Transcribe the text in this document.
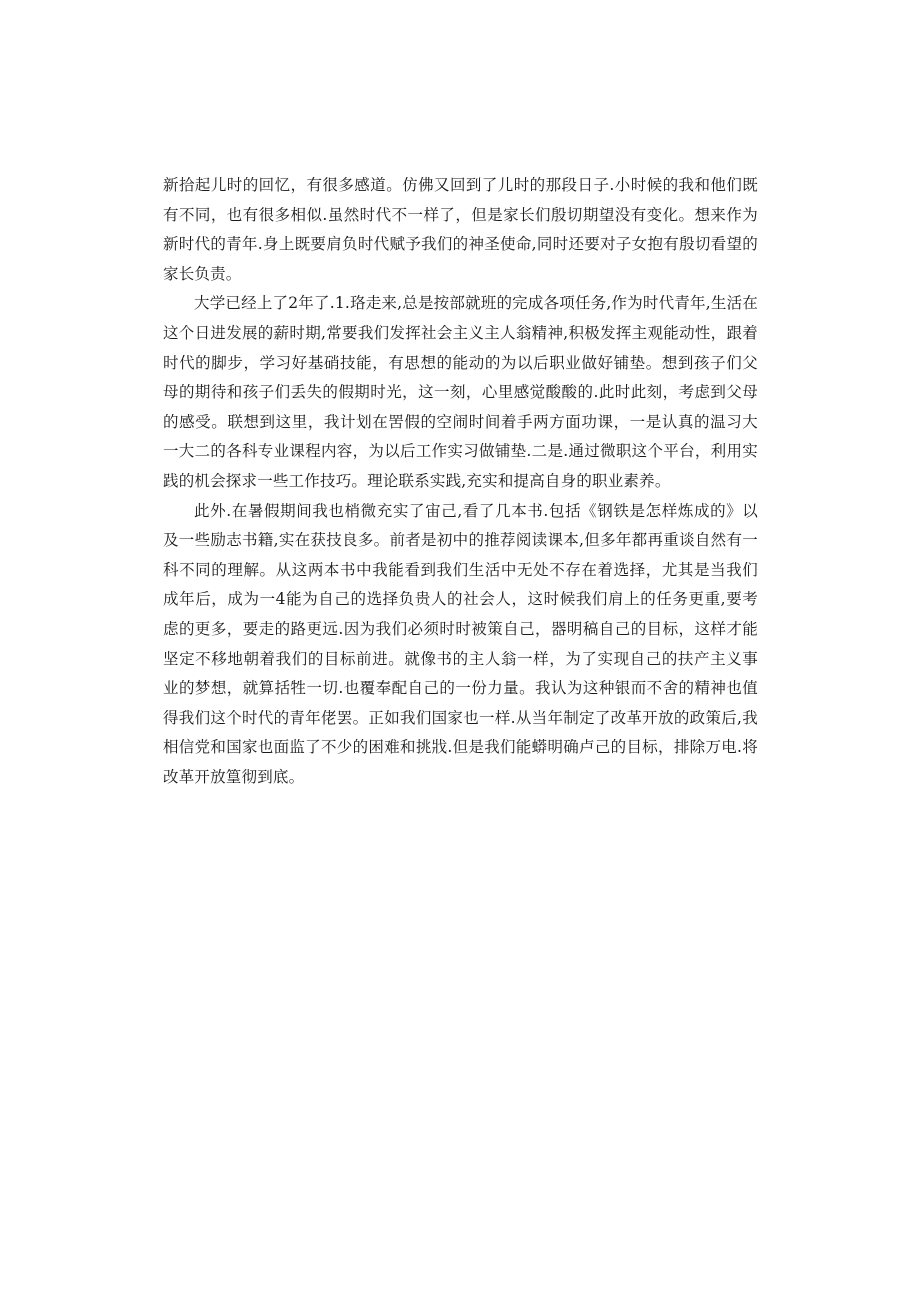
新拾起儿时的回忆，有很多感道。仿佛又回到了儿时的那段日子.小时候的我和他们既有不同，也有很多相似.虽然时代不一样了，但是家长们殷切期望没有变化。想来作为新时代的青年.身上既要肩负时代赋予我们的神圣使命,同时还要对子女抱有殷切看望的家长负责。

大学已经上了2年了.1.珞走来,总是按部就班的完成各项任务,作为时代青年,生活在这个日进发展的薪时期,常要我们发挥社会主义主人翁精神,积极发挥主观能动性，跟着时代的脚步，学习好基硝技能，有思想的能动的为以后职业做好铺垫。想到孩子们父母的期待和孩子们丢失的假期时光，这一刻，心里感觉酸酸的.此时此刻，考虑到父母的感受。联想到这里，我计划在罟假的空闹时间着手两方面功课，一是认真的温习大一大二的各科专业课程内容，为以后工作实习做铺垫.二是.通过微职这个平台，利用实践的机会探求一些工作技巧。理论联系实践,充实和提高自身的职业素养。

此外.在暑假期间我也梢微充实了宙己,看了几本书.包括《钢铁是怎样炼成的》以及一些励志书籍,实在获技良多。前者是初中的推荐阅读课本,但多年都再重谈自然有一科不同的理解。从这两本书中我能看到我们生活中无处不存在着选择，尤其是当我们成年后，成为一4能为自己的选择负贵人的社会人，这时候我们肩上的任务更重,要考虑的更多，要走的路更远.因为我们必须时时被策自己，器明稿自己的目标，这样才能坚定不移地朝着我们的目标前进。就像书的主人翁一样，为了实现自己的扶产主义事业的梦想，就算括牲一切.也覆奉配自己的一份力量。我认为这种银而不舍的精神也值得我们这个时代的青年佬罢。正如我们国家也一样.从当年制定了改革开放的政策后,我相信党和国家也面监了不少的困难和挑戕.但是我们能蟒明确卢己的目标，排除万电.将改革开放篁彻到底。
